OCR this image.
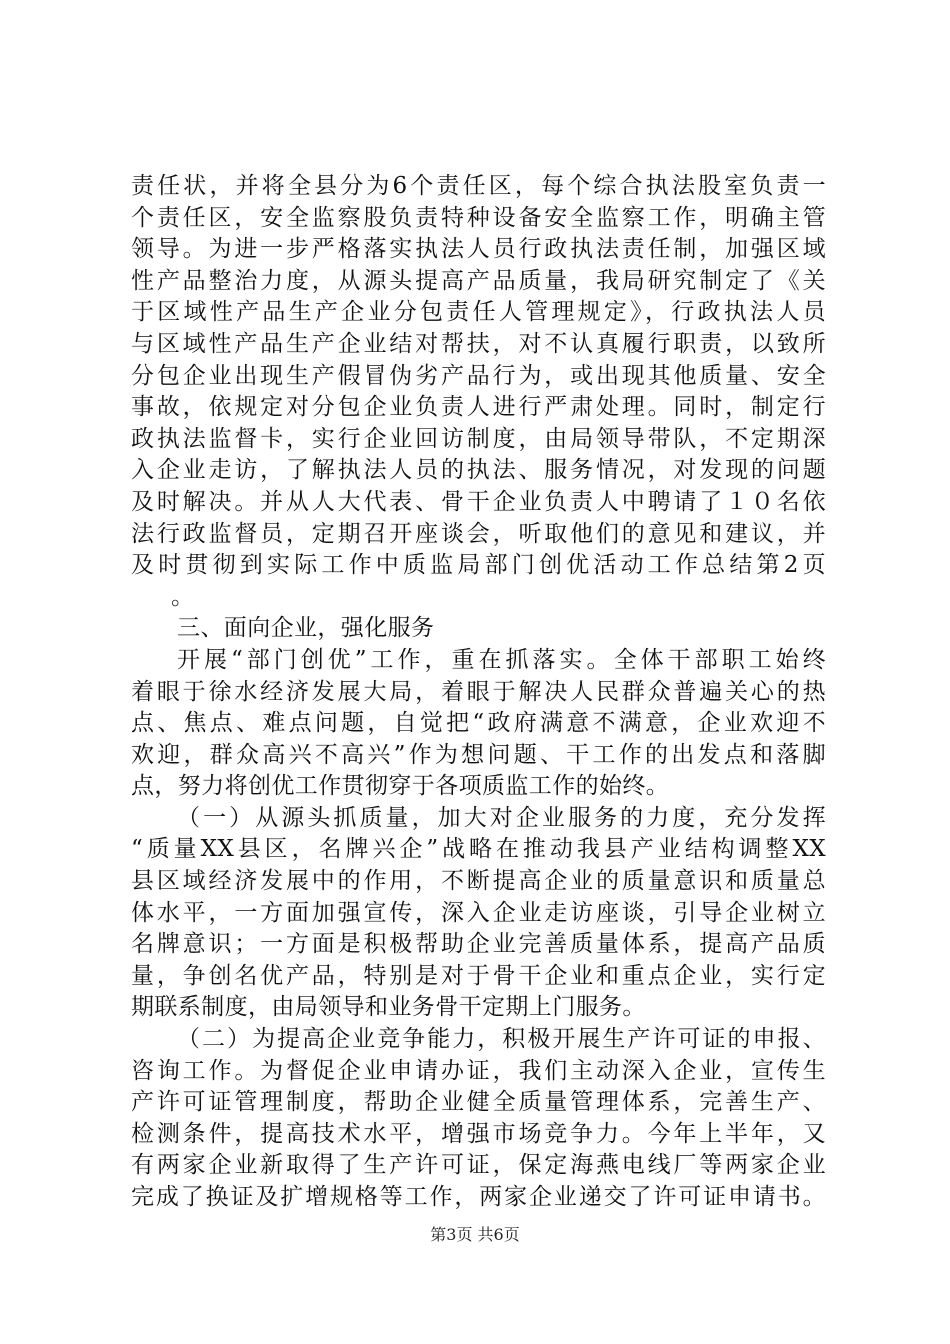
责任状，并将全县分为6个责任区，每个综合执法股室负责一
个责任区，安全监察股负责特种设备安全监察工作，明确主管
领导。为进一步严格落实执法人员行政执法责任制，加强区域
性产品整治力度，从源头提高产品质量，我局研究制定了《关
于区域性产品生产企业分包责任人管理规定》，行政执法人员
与区域性产品生产企业结对帮扶，对不认真履行职责，以致所
分包企业出现生产假冒伪劣产品行为，或出现其他质量、安全
事故，依规定对分包企业负责人进行严肃处理。同时，制定行
政执法监督卡，实行企业回访制度，由局领导带队，不定期深
入企业走访，了解执法人员的执法、服务情况，对发现的问题
及时解决。并从人大代表、骨干企业负责人中聘请了１０名依
法行政监督员，定期召开座谈会，听取他们的意见和建议，并
及时贯彻到实际工作中质监局部门创优活动工作总结第2页
。
三、面向企业，强化服务
开展“部门创优”工作，重在抓落实。全体干部职工始终
着眼于徐水经济发展大局，着眼于解决人民群众普遍关心的热
点、焦点、难点问题，自觉把“政府满意不满意，企业欢迎不
欢迎，群众高兴不高兴”作为想问题、干工作的出发点和落脚
点，努力将创优工作贯彻穿于各项质监工作的始终。
（一）从源头抓质量，加大对企业服务的力度，充分发挥
“质量XX县区，名牌兴企”战略在推动我县产业结构调整XX
县区域经济发展中的作用，不断提高企业的质量意识和质量总
体水平，一方面加强宣传，深入企业走访座谈，引导企业树立
名牌意识；一方面是积极帮助企业完善质量体系，提高产品质
量，争创名优产品，特别是对于骨干企业和重点企业，实行定
期联系制度，由局领导和业务骨干定期上门服务。
（二）为提高企业竞争能力，积极开展生产许可证的申报、
咨询工作。为督促企业申请办证，我们主动深入企业，宣传生
产许可证管理制度，帮助企业健全质量管理体系，完善生产、
检测条件，提高技术水平，增强市场竞争力。今年上半年，又
有两家企业新取得了生产许可证，保定海燕电线厂等两家企业
完成了换证及扩增规格等工作，两家企业递交了许可证申请书。
第3页 共6页
